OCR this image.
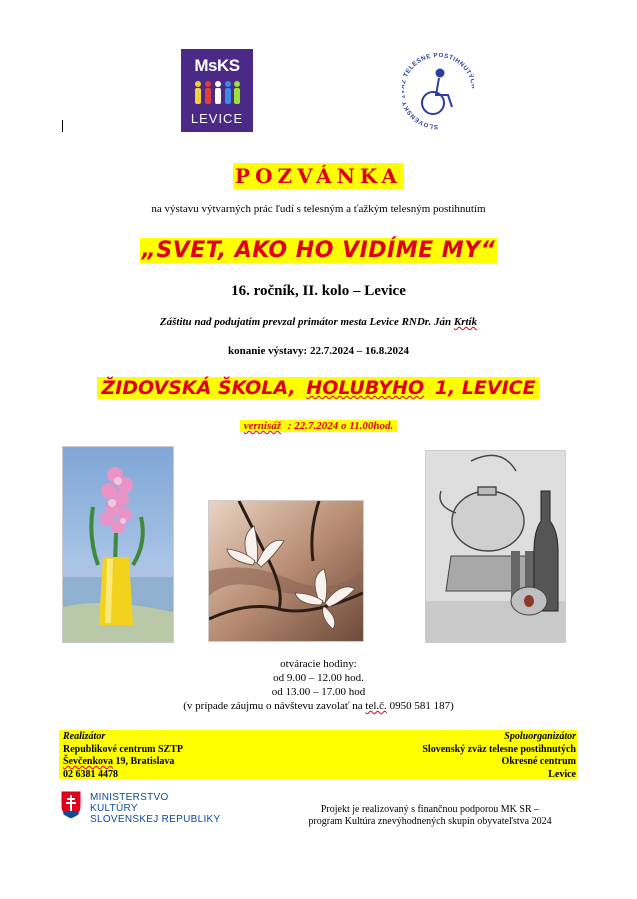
MsKS
LEVICE
SLOVENSK TELESNE POSTIHNUTÝ
POZVÁNKA
na výstavu výtvarných prác ľudí s telesným a ťažkým telesným postihnutím
„SVET, AKO HO VIDÍME MY“
16. ročník, II. kolo – Levice
Záštitu nad podujatím prevzal primátor mesta Levice RNDr. Ján Krtík
konanie výstavy: 22.7.2024 – 16.8.2024
ŽIDOVSKÁ ŠKOLA, HOLUBYHO 1, LEVICE
vernisáž : 22.7.2024 o 11.00hod.
otváracie hodiny:
od 9.00 – 12.00 hod.
od 13.00 – 17.00 hod
(v prípade záujmu o návštevu zavolať na tel.č. 0950 581 187)
Realizátor
Republikové centrum SZTP
Ševčenkova 19, Bratislava
02 6381 4478
Spoluorganizátor
Slovenský zväz telesne postihnutých
Okresné centrum
Levice
MINISTERSTVO
KULTÚRY
SLOVENSKEJ REPUBLIKY
Projekt je realizovaný s finančnou podporou MK SR –
program Kultúra znevýhodnených skupín obyvateľstva 2024
